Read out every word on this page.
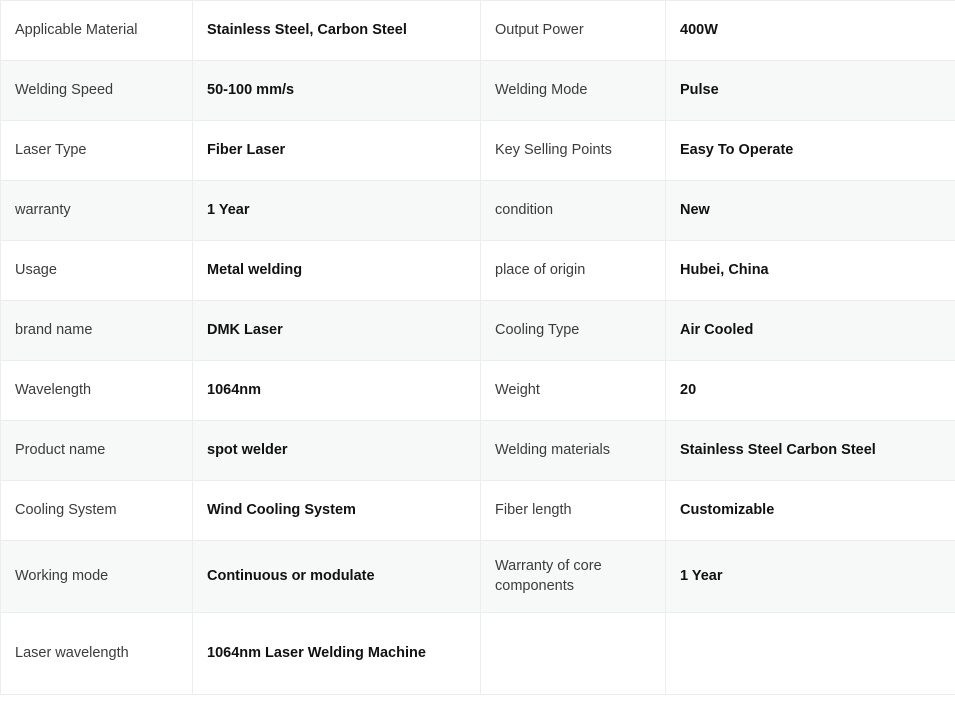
Applicable Material	Stainless Steel, Carbon Steel	Output Power	400W
Welding Speed	50-100 mm/s	Welding Mode	Pulse
Laser Type	Fiber Laser	Key Selling Points	Easy To Operate
warranty	1 Year	condition	New
Usage	Metal welding	place of origin	Hubei, China
brand name	DMK Laser	Cooling Type	Air Cooled
Wavelength	1064nm	Weight	20
Product name	spot welder	Welding materials	Stainless Steel Carbon Steel
Cooling System	Wind Cooling System	Fiber length	Customizable
Working mode	Continuous or modulate	Warranty of core components	1 Year
Laser wavelength	1064nm Laser Welding Machine		
